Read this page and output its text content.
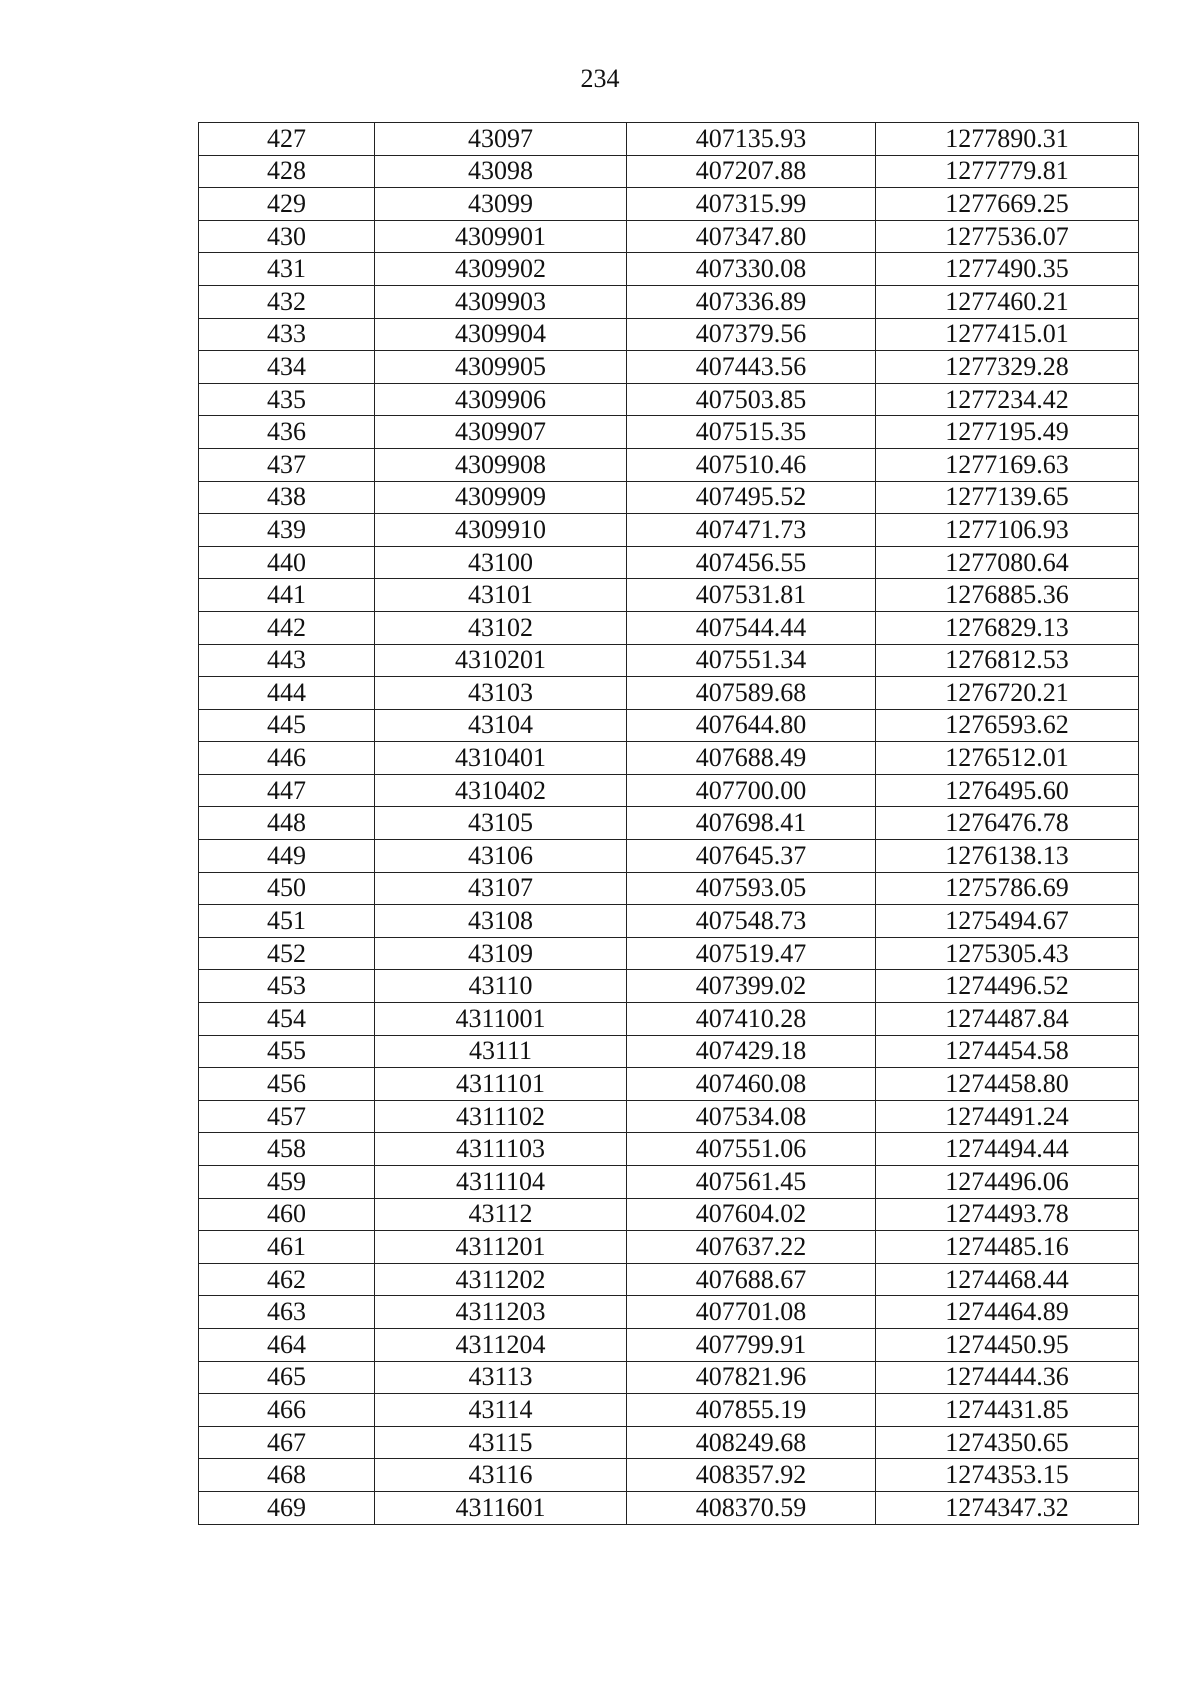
234
427	43097	407135.93	1277890.31
428	43098	407207.88	1277779.81
429	43099	407315.99	1277669.25
430	4309901	407347.80	1277536.07
431	4309902	407330.08	1277490.35
432	4309903	407336.89	1277460.21
433	4309904	407379.56	1277415.01
434	4309905	407443.56	1277329.28
435	4309906	407503.85	1277234.42
436	4309907	407515.35	1277195.49
437	4309908	407510.46	1277169.63
438	4309909	407495.52	1277139.65
439	4309910	407471.73	1277106.93
440	43100	407456.55	1277080.64
441	43101	407531.81	1276885.36
442	43102	407544.44	1276829.13
443	4310201	407551.34	1276812.53
444	43103	407589.68	1276720.21
445	43104	407644.80	1276593.62
446	4310401	407688.49	1276512.01
447	4310402	407700.00	1276495.60
448	43105	407698.41	1276476.78
449	43106	407645.37	1276138.13
450	43107	407593.05	1275786.69
451	43108	407548.73	1275494.67
452	43109	407519.47	1275305.43
453	43110	407399.02	1274496.52
454	4311001	407410.28	1274487.84
455	43111	407429.18	1274454.58
456	4311101	407460.08	1274458.80
457	4311102	407534.08	1274491.24
458	4311103	407551.06	1274494.44
459	4311104	407561.45	1274496.06
460	43112	407604.02	1274493.78
461	4311201	407637.22	1274485.16
462	4311202	407688.67	1274468.44
463	4311203	407701.08	1274464.89
464	4311204	407799.91	1274450.95
465	43113	407821.96	1274444.36
466	43114	407855.19	1274431.85
467	43115	408249.68	1274350.65
468	43116	408357.92	1274353.15
469	4311601	408370.59	1274347.32
